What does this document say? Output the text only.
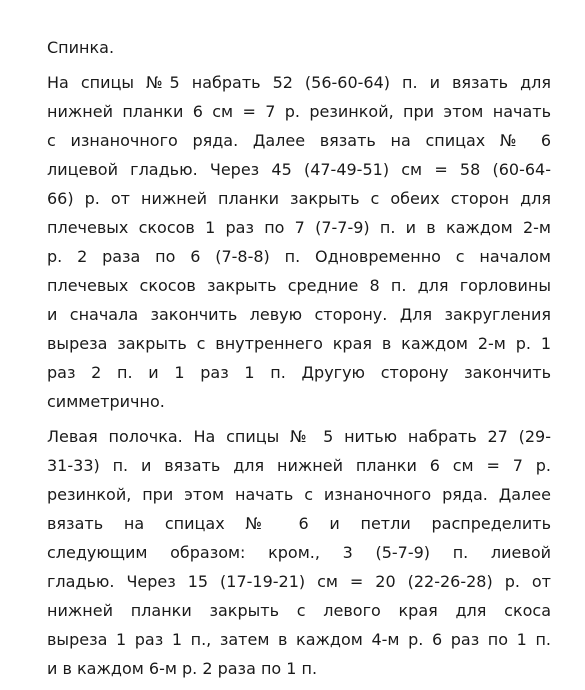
Спинка.
На спицы №5 набрать 52 (56-60-64) п. и вязать для
нижней планки 6 см = 7 р. резинкой, при этом начать
с изнаночного ряда. Далее вязать на спицах № 6
лицевой гладью. Через 45 (47-49-51) см = 58 (60-64-
66) р. от нижней планки закрыть с обеих сторон для
плечевых скосов 1 раз по 7 (7-7-9) п. и в каждом 2-м
р. 2 раза по 6 (7-8-8) п. Одновременно с началом
плечевых скосов закрыть средние 8 п. для горловины
и сначала закончить левую сторону. Для закругления
выреза закрыть с внутреннего края в каждом 2-м р. 1
раз 2 п. и 1 раз 1 п. Другую сторону закончить
симметрично.
Левая полочка. На спицы № 5 нитью набрать 27 (29-
31-33) п. и вязать для нижней планки 6 см = 7 р.
резинкой, при этом начать с изнаночного ряда. Далее
вязать на спицах № 6 и петли распределить
следующим образом: кром., 3 (5-7-9) п. лиевой
гладью. Через 15 (17-19-21) см = 20 (22-26-28) р. от
нижней планки закрыть с левого края для скоса
выреза 1 раз 1 п., затем в каждом 4-м р. 6 раз по 1 п.
и в каждом 6-м р. 2 раза по 1 п.
